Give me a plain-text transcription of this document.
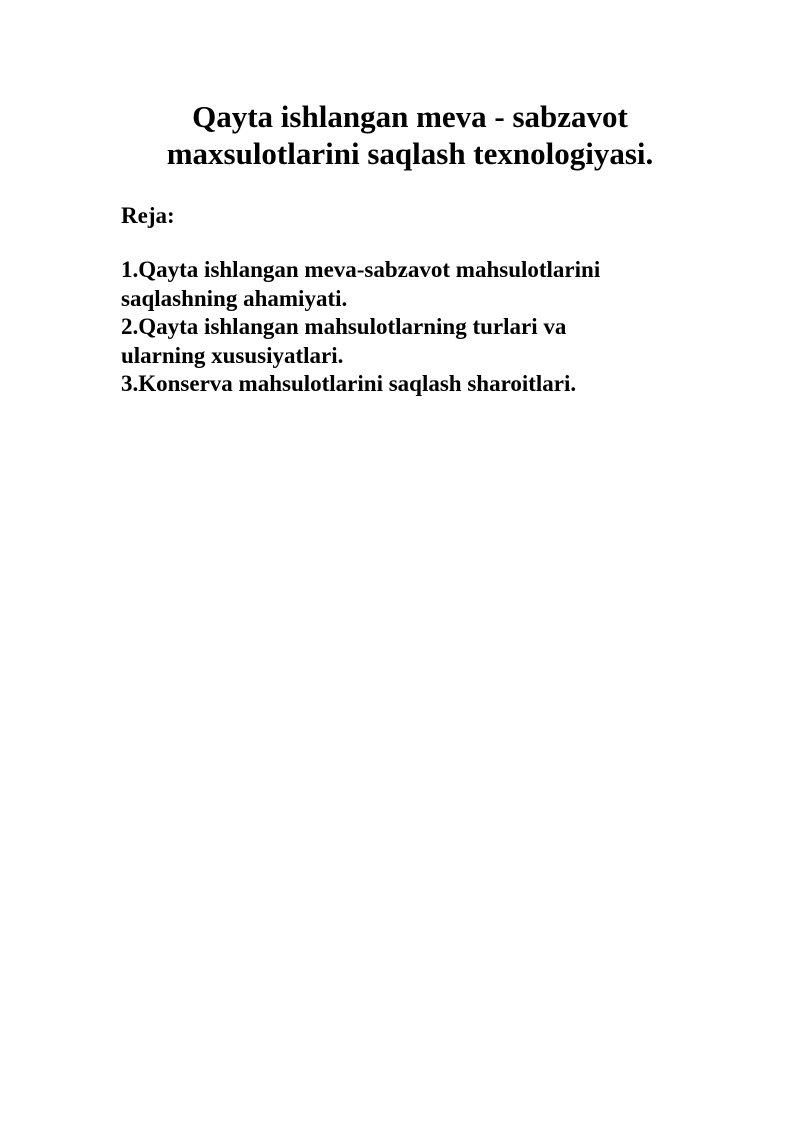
Qayta ishlangan meva - sabzavot
maxsulotlarini saqlash texnologiyasi.
Reja:
1.Qayta ishlangan meva-sabzavot mahsulotlarini
saqlashning ahamiyati.
2.Qayta ishlangan mahsulotlarning turlari va
ularning xususiyatlari.
3.Konserva mahsulotlarini saqlash sharoitlari.
